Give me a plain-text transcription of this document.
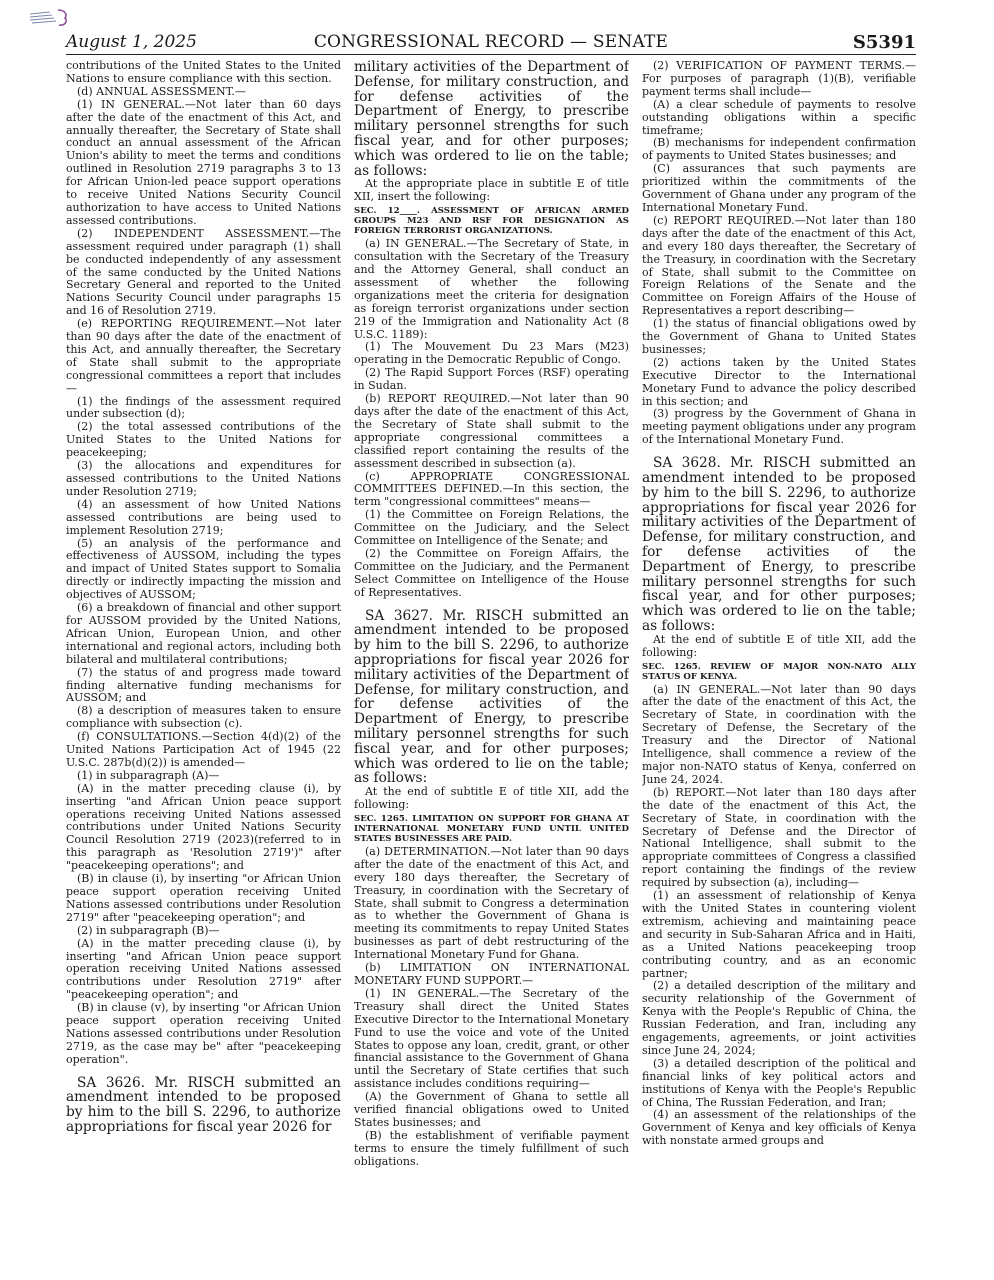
August 1, 2025	CONGRESSIONAL RECORD — SENATE	S5391

contributions of the United States to the United Nations to ensure compliance with this section.

(d) ANNUAL ASSESSMENT.—

(1) IN GENERAL.—Not later than 60 days after the date of the enactment of this Act, and annually thereafter, the Secretary of State shall conduct an annual assessment of the African Union's ability to meet the terms and conditions outlined in Resolution 2719 paragraphs 3 to 13 for African Union-led peace support operations to receive United Nations Security Council authorization to have access to United Nations assessed contributions.

(2) INDEPENDENT ASSESSMENT.—The assessment required under paragraph (1) shall be conducted independently of any assessment of the same conducted by the United Nations Secretary General and reported to the United Nations Security Council under paragraphs 15 and 16 of Resolution 2719.

(e) REPORTING REQUIREMENT.—Not later than 90 days after the date of the enactment of this Act, and annually thereafter, the Secretary of State shall submit to the appropriate congressional committees a report that includes—

(1) the findings of the assessment required under subsection (d);

(2) the total assessed contributions of the United States to the United Nations for peacekeeping;

(3) the allocations and expenditures for assessed contributions to the United Nations under Resolution 2719;

(4) an assessment of how United Nations assessed contributions are being used to implement Resolution 2719;

(5) an analysis of the performance and effectiveness of AUSSOM, including the types and impact of United States support to Somalia directly or indirectly impacting the mission and objectives of AUSSOM;

(6) a breakdown of financial and other support for AUSSOM provided by the United Nations, African Union, European Union, and other international and regional actors, including both bilateral and multilateral contributions;

(7) the status of and progress made toward finding alternative funding mechanisms for AUSSOM; and

(8) a description of measures taken to ensure compliance with subsection (c).

(f) CONSULTATIONS.—Section 4(d)(2) of the United Nations Participation Act of 1945 (22 U.S.C. 287b(d)(2)) is amended—

(1) in subparagraph (A)—

(A) in the matter preceding clause (i), by inserting "and African Union peace support operations receiving United Nations assessed contributions under United Nations Security Council Resolution 2719 (2023)(referred to in this paragraph as 'Resolution 2719')" after "peacekeeping operations"; and

(B) in clause (i), by inserting "or African Union peace support operation receiving United Nations assessed contributions under Resolution 2719" after "peacekeeping operation"; and

(2) in subparagraph (B)—

(A) in the matter preceding clause (i), by inserting "and African Union peace support operation receiving United Nations assessed contributions under Resolution 2719" after "peacekeeping operation"; and

(B) in clause (v), by inserting "or African Union peace support operation receiving United Nations assessed contributions under Resolution 2719, as the case may be" after "peacekeeping operation".

SA 3626. Mr. RISCH submitted an amendment intended to be proposed by him to the bill S. 2296, to authorize appropriations for fiscal year 2026 for

military activities of the Department of Defense, for military construction, and for defense activities of the Department of Energy, to prescribe military personnel strengths for such fiscal year, and for other purposes; which was ordered to lie on the table; as follows:

At the appropriate place in subtitle E of title XII, insert the following:

SEC. 12____. ASSESSMENT OF AFRICAN ARMED GROUPS M23 AND RSF FOR DESIGNATION AS FOREIGN TERRORIST ORGANIZATIONS.

(a) IN GENERAL.—The Secretary of State, in consultation with the Secretary of the Treasury and the Attorney General, shall conduct an assessment of whether the following organizations meet the criteria for designation as foreign terrorist organizations under section 219 of the Immigration and Nationality Act (8 U.S.C. 1189):

(1) The Mouvement Du 23 Mars (M23) operating in the Democratic Republic of Congo.

(2) The Rapid Support Forces (RSF) operating in Sudan.

(b) REPORT REQUIRED.—Not later than 90 days after the date of the enactment of this Act, the Secretary of State shall submit to the appropriate congressional committees a classified report containing the results of the assessment described in subsection (a).

(c) APPROPRIATE CONGRESSIONAL COMMITTEES DEFINED.—In this section, the term "congressional committees" means—

(1) the Committee on Foreign Relations, the Committee on the Judiciary, and the Select Committee on Intelligence of the Senate; and

(2) the Committee on Foreign Affairs, the Committee on the Judiciary, and the Permanent Select Committee on Intelligence of the House of Representatives.

SA 3627. Mr. RISCH submitted an amendment intended to be proposed by him to the bill S. 2296, to authorize appropriations for fiscal year 2026 for military activities of the Department of Defense, for military construction, and for defense activities of the Department of Energy, to prescribe military personnel strengths for such fiscal year, and for other purposes; which was ordered to lie on the table; as follows:

At the end of subtitle E of title XII, add the following:

SEC. 1265. LIMITATION ON SUPPORT FOR GHANA AT INTERNATIONAL MONETARY FUND UNTIL UNITED STATES BUSINESSES ARE PAID.

(a) DETERMINATION.—Not later than 90 days after the date of the enactment of this Act, and every 180 days thereafter, the Secretary of Treasury, in coordination with the Secretary of State, shall submit to Congress a determination as to whether the Government of Ghana is meeting its commitments to repay United States businesses as part of debt restructuring of the International Monetary Fund for Ghana.

(b) LIMITATION ON INTERNATIONAL MONETARY FUND SUPPORT.—

(1) IN GENERAL.—The Secretary of the Treasury shall direct the United States Executive Director to the International Monetary Fund to use the voice and vote of the United States to oppose any loan, credit, grant, or other financial assistance to the Government of Ghana until the Secretary of State certifies that such assistance includes conditions requiring—

(A) the Government of Ghana to settle all verified financial obligations owed to United States businesses; and

(B) the establishment of verifiable payment terms to ensure the timely fulfillment of such obligations.

(2) VERIFICATION OF PAYMENT TERMS.—For purposes of paragraph (1)(B), verifiable payment terms shall include—

(A) a clear schedule of payments to resolve outstanding obligations within a specific timeframe;

(B) mechanisms for independent confirmation of payments to United States businesses; and

(C) assurances that such payments are prioritized within the commitments of the Government of Ghana under any program of the International Monetary Fund.

(c) REPORT REQUIRED.—Not later than 180 days after the date of the enactment of this Act, and every 180 days thereafter, the Secretary of the Treasury, in coordination with the Secretary of State, shall submit to the Committee on Foreign Relations of the Senate and the Committee on Foreign Affairs of the House of Representatives a report describing—

(1) the status of financial obligations owed by the Government of Ghana to United States businesses;

(2) actions taken by the United States Executive Director to the International Monetary Fund to advance the policy described in this section; and

(3) progress by the Government of Ghana in meeting payment obligations under any program of the International Monetary Fund.

SA 3628. Mr. RISCH submitted an amendment intended to be proposed by him to the bill S. 2296, to authorize appropriations for fiscal year 2026 for military activities of the Department of Defense, for military construction, and for defense activities of the Department of Energy, to prescribe military personnel strengths for such fiscal year, and for other purposes; which was ordered to lie on the table; as follows:

At the end of subtitle E of title XII, add the following:

SEC. 1265. REVIEW OF MAJOR NON-NATO ALLY STATUS OF KENYA.

(a) IN GENERAL.—Not later than 90 days after the date of the enactment of this Act, the Secretary of State, in coordination with the Secretary of Defense, the Secretary of the Treasury and the Director of National Intelligence, shall commence a review of the major non-NATO status of Kenya, conferred on June 24, 2024.

(b) REPORT.—Not later than 180 days after the date of the enactment of this Act, the Secretary of State, in coordination with the Secretary of Defense and the Director of National Intelligence, shall submit to the appropriate committees of Congress a classified report containing the findings of the review required by subsection (a), including—

(1) an assessment of relationship of Kenya with the United States in countering violent extremism, achieving and maintaining peace and security in Sub-Saharan Africa and in Haiti, as a United Nations peacekeeping troop contributing country, and as an economic partner;

(2) a detailed description of the military and security relationship of the Government of Kenya with the People's Republic of China, the Russian Federation, and Iran, including any engagements, agreements, or joint activities since June 24, 2024;

(3) a detailed description of the political and financial links of key political actors and institutions of Kenya with the People's Republic of China, The Russian Federation, and Iran;

(4) an assessment of the relationships of the Government of Kenya and key officials of Kenya with nonstate armed groups and
